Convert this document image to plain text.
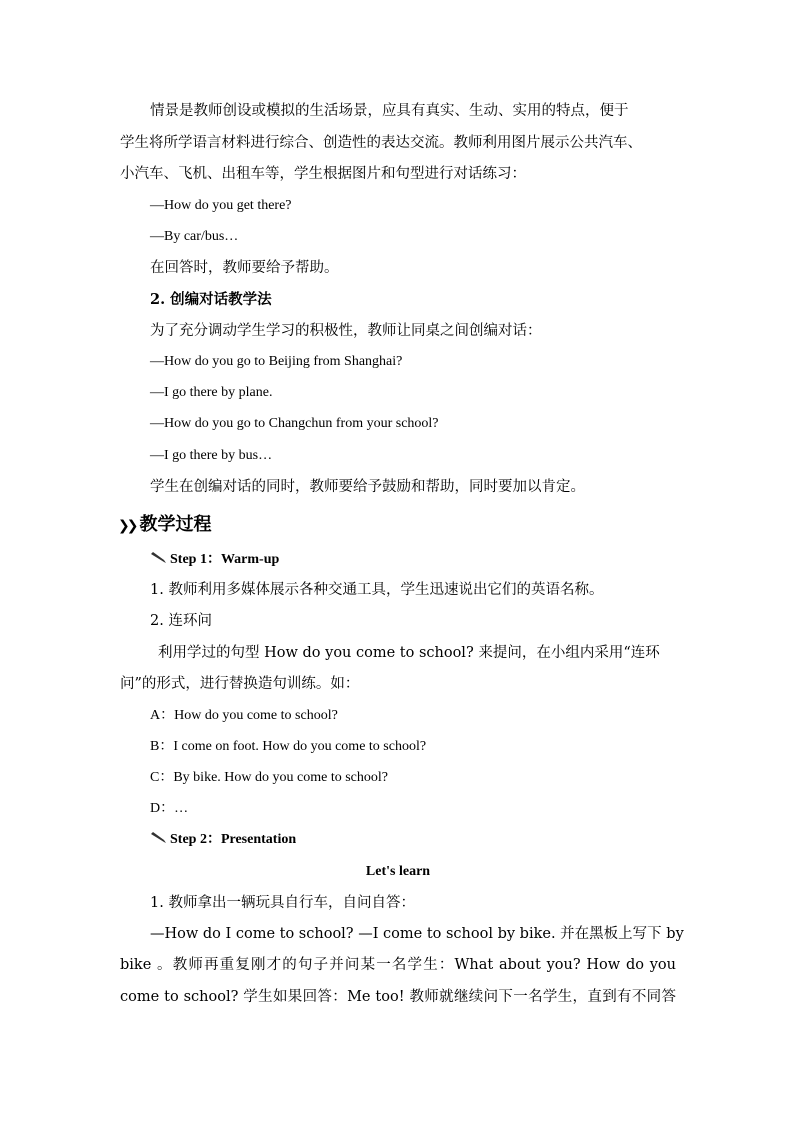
情景是教师创设或模拟的生活场景，应具有真实、生动、实用的特点，便于
学生将所学语言材料进行综合、创造性的表达交流。教师利用图片展示公共汽车、
小汽车、飞机、出租车等，学生根据图片和句型进行对话练习：
—How do you get there?
—By car/bus…
在回答时，教师要给予帮助。
2. 创编对话教学法
为了充分调动学生学习的积极性，教师让同桌之间创编对话：
—How do you go to Beijing from Shanghai?
—I go there by plane.
—How do you go to Changchun from your school?
—I go there by bus…
学生在创编对话的同时，教师要给予鼓励和帮助，同时要加以肯定。
❯❯ 教学过程
Step 1：Warm-up
1. 教师利用多媒体展示各种交通工具，学生迅速说出它们的英语名称。
2. 连环问
利用学过的句型 How do you come to school? 来提问，在小组内采用“连环
问”的形式，进行替换造句训练。如：
A：How do you come to school?
B：I come on foot. How do you come to school?
C：By bike. How do you come to school?
D：…
Step 2：Presentation
Let's learn
1. 教师拿出一辆玩具自行车，自问自答：
—How do I come to school? —I come to school by bike. 并在黑板上写下 by
bike 。教师再重复刚才的句子并问某一名学生：What about you? How do you
come to school? 学生如果回答：Me too! 教师就继续问下一名学生，直到有不同答
